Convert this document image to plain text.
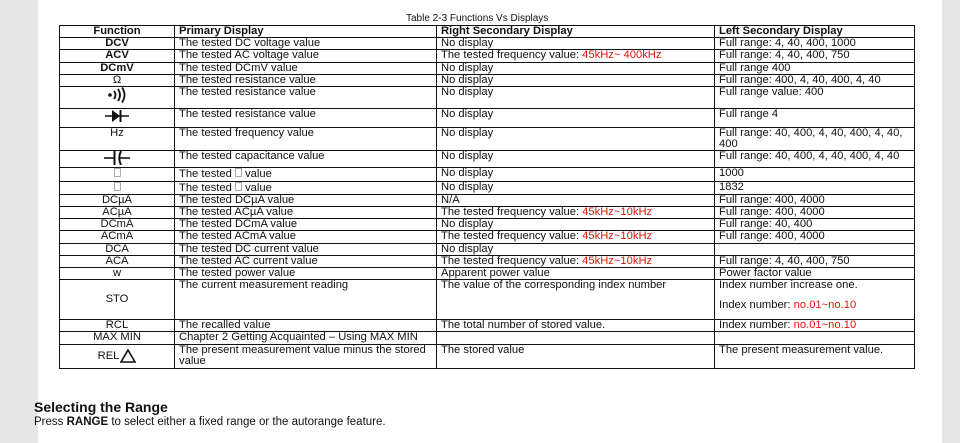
Table 2-3 Functions Vs Displays
Function	Primary Display	Right Secondary Display	Left Secondary Display
DCV	The tested DC voltage value	No display	Full range: 4, 40, 400, 1000
ACV	The tested AC voltage value	The tested frequency value: 45kHz~ 400kHz	Full range: 4, 40, 400, 750
DCmV	The tested DCmV value	No display	Full range 400
Ω	The tested resistance value	No display	Full range: 400, 4, 40, 400, 4, 40

	The tested resistance value	No display	Full range value: 400

	The tested resistance value	No display	Full range 4
Hz	The tested frequency value	No display	Full range: 40, 400, 4, 40, 400, 4, 40, 400

	The tested capacitance value	No display	Full range: 40, 400, 4, 40, 400, 4, 40
	The tested  value	No display	1000
	The tested  value	No display	1832
DCµA	The tested DCµA value	N/A	Full range: 400, 4000
ACµA	The tested ACµA value	The tested frequency value: 45kHz~10kHz	Full range: 400, 4000
DCmA	The tested DCmA value	No display	Full range: 40, 400
ACmA	The tested ACmA value	The tested frequency value: 45kHz~10kHz	Full range: 400, 4000
DCA	The tested DC current value	No display	
ACA	The tested AC current value	The tested frequency value: 45kHz~10kHz	Full range: 4, 40, 400, 750
w	The tested power value	Apparent power value	Power factor value
STO	The current measurement reading	The value of the corresponding index number	Index number increase one.
Index number: no.01~no.10

RCL	The recalled value	The total number of stored value.	Index number: no.01~no.10
MAX MIN	Chapter 2 Getting Acquainted – Using MAX MIN		
REL	The present measurement value minus the stored value	The stored value	The present measurement value.
Selecting the Range
Press RANGE to select either a fixed range or the autorange feature.
